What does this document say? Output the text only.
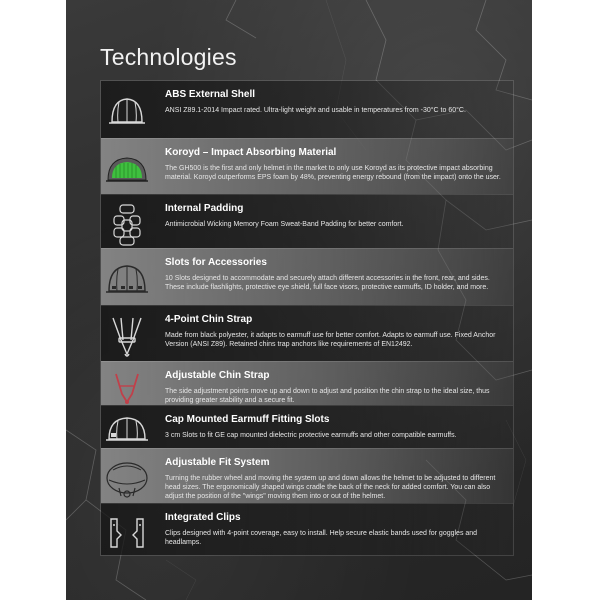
Technologies
ABS External Shell
ANSI Z89.1-2014 Impact rated. Ultra-light weight and usable in temperatures from -30°C to 60°C.
Koroyd – Impact Absorbing Material
The GH500 is the first and only helmet in the market to only use Koroyd as its protective impact absorbing material. Koroyd outperforms EPS foam by 48%, preventing energy rebound (from the impact) onto the user.
Internal Padding
Antimicrobial Wicking Memory Foam Sweat-Band Padding for better comfort.
Slots for Accessories
10 Slots designed to accommodate and securely attach different accessories in the front, rear, and sides. These include flashlights, protective eye shield, full face visors, protective earmuffs, ID holder, and more.
4-Point Chin Strap
Made from black polyester, it adapts to earmuff use for better comfort. Adapts to earmuff use. Fixed Anchor Version (ANSI Z89). Retained chins trap anchors like requirements of EN12492.
Adjustable Chin Strap
The side adjustment points move up and down to adjust and position the chin strap to the ideal size, thus providing greater stability and a secure fit.
Cap Mounted Earmuff Fitting Slots
3 cm Slots to fit GE cap mounted dielectric protective earmuffs and other compatible earmuffs.
Adjustable Fit System
Turning the rubber wheel and moving the system up and down allows the helmet to be adjusted to different head sizes. The ergonomically shaped wings cradle the back of the neck for added comfort. You can also adjust the position of the "wings" moving them into or out of the helmet.
Integrated Clips
Clips designed with 4-point coverage, easy to install. Help secure elastic bands used for goggles and headlamps.
